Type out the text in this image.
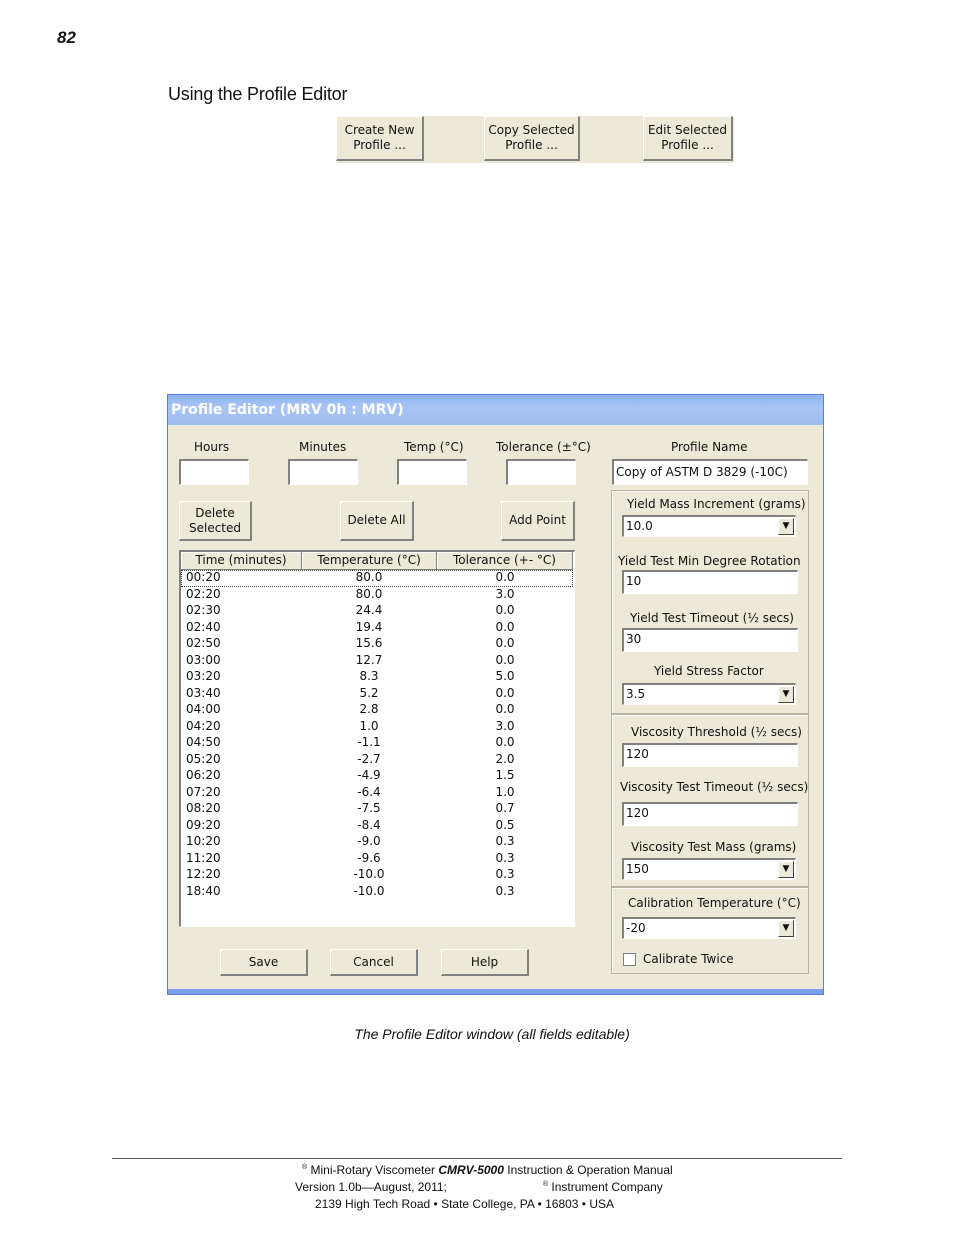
82
Using the Profile Editor
Create New
Profile ...
Copy Selected
Profile ...
Edit Selected
Profile ...
Profile Editor (MRV 0h : MRV)
Hours	Minutes	Temp (°C)	Tolerance (±°C)
Delete
Selected
Delete All	Add Point
Time (minutes)	Temperature (°C)	Tolerance (+- °C)
00:20	80.0	0.0
02:20	80.0	3.0
02:30	24.4	0.0
02:40	19.4	0.0
02:50	15.6	0.0
03:00	12.7	0.0
03:20	8.3	5.0
03:40	5.2	0.0
04:00	2.8	0.0
04:20	1.0	3.0
04:50	-1.1	0.0
05:20	-2.7	2.0
06:20	-4.9	1.5
07:20	-6.4	1.0
08:20	-7.5	0.7
09:20	-8.4	0.5
10:20	-9.0	0.3
11:20	-9.6	0.3
12:20	-10.0	0.3
18:40	-10.0	0.3
Save	Cancel	Help
Profile Name
Copy of ASTM D 3829 (-10C)
Yield Mass Increment (grams)
10.0	▼
Yield Test Min Degree Rotation
10
Yield Test Timeout (½ secs)
30
Yield Stress Factor
3.5	▼
Viscosity Threshold (½ secs)
120
Viscosity Test Timeout (½ secs)
120
Viscosity Test Mass (grams)
150	▼
Calibration Temperature (°C)
-20	▼
Calibrate Twice
The Profile Editor window (all fields editable)
® Mini-Rotary Viscometer CMRV-5000 Instruction & Operation Manual
Version 1.0b—August, 2011;	® Instrument Company
2139 High Tech Road • State College, PA • 16803 • USA
